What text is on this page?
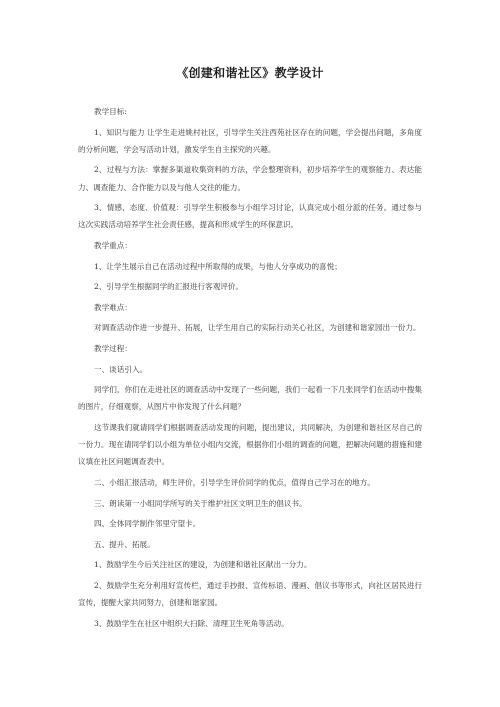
《创建和谐社区》教学设计

教学目标:

1、知识与能力 让学生走进姚村社区，引导学生关注西苑社区存在的问题，学会提出问题，多角度的分析问题，学会写活动计划，激发学生自主探究的兴趣。

2、过程与方法：掌握多渠道收集资料的方法，学会整理资料，初步培养学生的观察能力、表达能力、调查能力、合作能力以及与他人交往的能力。

3、情感、态度、价值观：引导学生积极参与小组学习讨论，认真完成小组分派的任务。通过参与这次实践活动培养学生社会责任感，提高和形成学生的环保意识。

教学重点：

1、让学生展示自己在活动过程中所取得的成果，与他人分享成功的喜悦；

2、引导学生根据同学的汇报进行客观评价。

教学难点：

对调查活动作进一步提升、拓展，让学生用自己的实际行动关心社区，为创建和谐家园出一份力。

教学过程：

一、谈话引入。

同学们，你们在走进社区的调查活动中发现了一些问题，我们一起看一下几张同学们在活动中搜集的图片，仔细观察，从图片中你发现了什么问题？

这节课我们就请同学们根据调查活动发现的问题，提出建议，共同解决，为创建和谐社区尽自己的一份力。现在请同学们以小组为单位小组内交流，根据你们小组的调查的问题，把解决问题的措施和建议填在社区问题调查表中。

二、小组汇报活动，师生评价，引导学生评价同学的优点，值得自己学习在的地方。

三、朗读第一小组同学所写的关于维护社区文明卫生的倡议书。

四、全体同学制作邻里守望卡。

五、提升、拓展。

1、鼓励学生今后关注社区的建设，为创建和谐社区献出一分力。

2、鼓励学生充分利用好宣传栏，通过手抄报、宣传标语、漫画、倡议书等形式，向社区居民进行宣传，提醒大家共同努力，创建和谐家园。

3、鼓励学生在社区中组织大扫除、清理卫生死角等活动。
